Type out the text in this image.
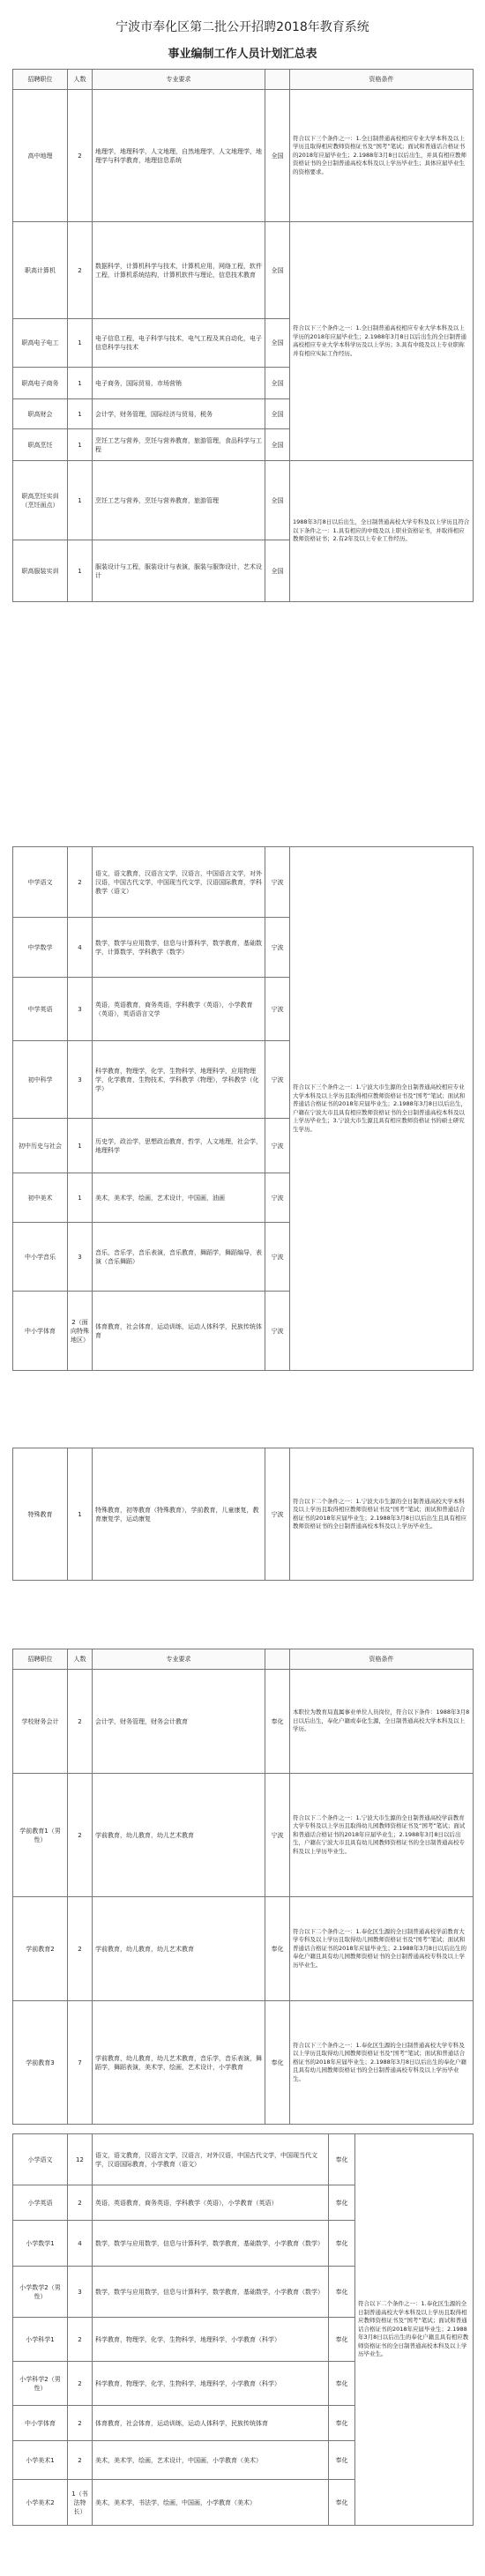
宁波市奉化区第二批公开招聘2018年教育系统
事业编制工作人员计划汇总表
招聘职位	人数	专业要求		资格条件
高中地理	2	地理学，地理科学，人文地理，自然地理学，人文地理学，地理学与科学教育，地理信息系统	全国	符合以下三个条件之一：1.全日制普通高校相应专业大学本科及以上学历且取得相应教师资格证书及“国考”笔试；面试和普通话合格证书的2018年应届毕业生；2.1988年3月8日以后出生，并具有相应教师资格证书的全日制普通高校本科及以上学历毕业生；具体应届毕业生的资格要求。
职高计算机	2	数据科学，计算机科学与技术，计算机应用，网络工程，软件工程，计算机系统结构，计算机软件与理论，信息技术教育	全国	符合以下三个条件之一：1.全日制普通高校相应专业大学本科及以上学历的2018年应届毕业生；2.1988年3月8日以后出生的全日制普通高校相应专业大学本科学历及以上学历；3.具有中级及以上专业职称并有相应实际工作经历。
职高电子电工	1	电子信息工程，电子科学与技术，电气工程及其自动化，电子信息科学与技术	全国	
职高电子商务	1	电子商务，国际贸易，市场营销	全国	
职高财会	1	会计学，财务管理，国际经济与贸易，税务	全国	
职高烹饪	1	烹饪工艺与营养，烹饪与营养教育，旅游管理，食品科学与工程	全国	
职高烹饪实训（烹饪面点）	1	烹饪工艺与营养，烹饪与营养教育，旅游管理	全国	1988年3月8日以后出生，全日制普通高校大学专科及以上学历且符合以下条件之一：1.具有相应的中级及以上职业资格证书，并取得相应教师资格证书；2.有2年及以上专业工作经历。
职高服装实训	1	服装设计与工程，服装设计与表演，服装与服饰设计，艺术设计	全国	
中学语文	2	语文，语文教育，汉语言文学，汉语言，中国语言文学，对外汉语，中国古代文学，中国现当代文学，汉语国际教育，学科教学（语文）	宁波	符合以下三个条件之一：1.宁波大市生源的全日制普通高校相应专业大学本科及以上学历且取得相应教师资格证书及“国考”笔试；面试和普通话合格证书的2018年应届毕业生；2.1988年3月8日以后出生，户籍在宁波大市且具有相应教师资格证书的全日制普通高校本科及以上学历毕业生；3.宁波大市生源且具有相应教师资格证书的硕士研究生学历。
中学数学	4	数学，数学与应用数学，信息与计算科学，数学教育，基础数学，计算数学，学科教学（数学）	宁波	
中学英语	3	英语，英语教育，商务英语，学科教学（英语），小学教育（英语），英语语言文学	宁波	
初中科学	3	科学教育，物理学，化学，生物科学，地理科学，应用物理学，化学教育，生物技术，学科教学（物理），学科教学（化学）	宁波	
初中历史与社会	1	历史学，政治学，思想政治教育，哲学，人文地理，社会学，地理科学	宁波	
初中美术	1	美术，美术学，绘画，艺术设计，中国画，油画	宁波	
中小学音乐	3	音乐，音乐学，音乐表演，音乐教育，舞蹈学，舞蹈编导，表演（音乐舞蹈）	宁波	
中小学体育	2（面向特殊地区）	体育教育，社会体育，运动训练，运动人体科学，民族传统体育	宁波	
特殊教育	1	特殊教育，初等教育（特殊教育），学前教育，儿童康复，教育康复学，运动康复	宁波	符合以下二个条件之一：1.宁波大市生源的全日制普通高校大学本科及以上学历且取得相应教师资格证书及“国考”笔试；面试和普通话合格证书的2018年应届毕业生；2.1988年3月8日以后出生且具有相应教师资格证书的全日制普通高校本科及以上学历毕业生。
招聘职位	人数	专业要求		资格条件
学校财务会计	2	会计学，财务管理，财务会计教育	奉化	本职位为教育局直属事业单位人员岗位，符合以下条件：1988年3月8日以后出生，奉化户籍或奉化生源，全日制普通高校大学本科及以上学历。
学前教育1（男性）	2	学前教育，幼儿教育，幼儿艺术教育	宁波	符合以下二个条件之一：1.宁波大市生源的全日制普通高校学前教育大学专科及以上学历且取得幼儿园教师资格证书及“国考”笔试；面试和普通话合格证书的2018年应届毕业生；2.1988年3月8日以后出生，户籍在宁波大市且具有幼儿园教师资格证书的全日制普通高校专科及以上学历毕业生。
学前教育2	2	学前教育，幼儿教育，幼儿艺术教育	奉化	符合以下二个条件之一：1.奉化区生源的全日制普通高校学前教育大学专科及以上学历且取得幼儿园教师资格证书及“国考”笔试；面试和普通话合格证书的2018年应届毕业生；2.1988年3月8日以后出生的奉化户籍且具有幼儿园教师资格证书的全日制普通高校专科及以上学历毕业生。
学前教育3	7	学前教育，幼儿教育，幼儿艺术教育，音乐学，音乐表演，舞蹈学，舞蹈表演，美术学，绘画，艺术设计，小学教育	奉化	符合以下三个条件之一：1.奉化区生源的全日制普通高校大学专科及以上学历且取得幼儿园教师资格证书及“国考”笔试；面试和普通话合格证书的2018年应届毕业生；2.1988年3月8日以后出生的奉化户籍且具有幼儿园教师资格证书的全日制普通高校专科及以上学历毕业生。
小学语文	12	语文，语文教育，汉语言文学，汉语言，对外汉语，中国古代文学，中国现当代文学，汉语国际教育，小学教育（语文）	奉化	符合以下二个条件之一：1.奉化区生源的全日制普通高校大学本科及以上学历且取得相应教师资格证书及“国考”笔试；面试和普通话合格证书的2018年应届毕业生；2.1988年3月8日以后出生的奉化户籍且具有相应教师资格证书的全日制普通高校本科及以上学历毕业生。
小学英语	2	英语，英语教育，商务英语，学科教学（英语），小学教育（英语）	奉化	
小学数学1	4	数学，数学与应用数学，信息与计算科学，数学教育，基础数学，小学教育（数学）	奉化	
小学数学2（男性）	3	数学，数学与应用数学，信息与计算科学，数学教育，基础数学，小学教育（数学）	奉化	
小学科学1	2	科学教育，物理学，化学，生物科学，地理科学，小学教育（科学）	奉化	
小学科学2（男性）	2	科学教育，物理学，化学，生物科学，地理科学，小学教育（科学）	奉化	
中小学体育	2	体育教育，社会体育，运动训练，运动人体科学，民族传统体育	奉化	
小学美术1	2	美术，美术学，绘画，艺术设计，中国画，小学教育（美术）	奉化	
小学美术2	1（书法特长）	美术，美术学，书法学，绘画，中国画，小学教育（美术）	奉化	
